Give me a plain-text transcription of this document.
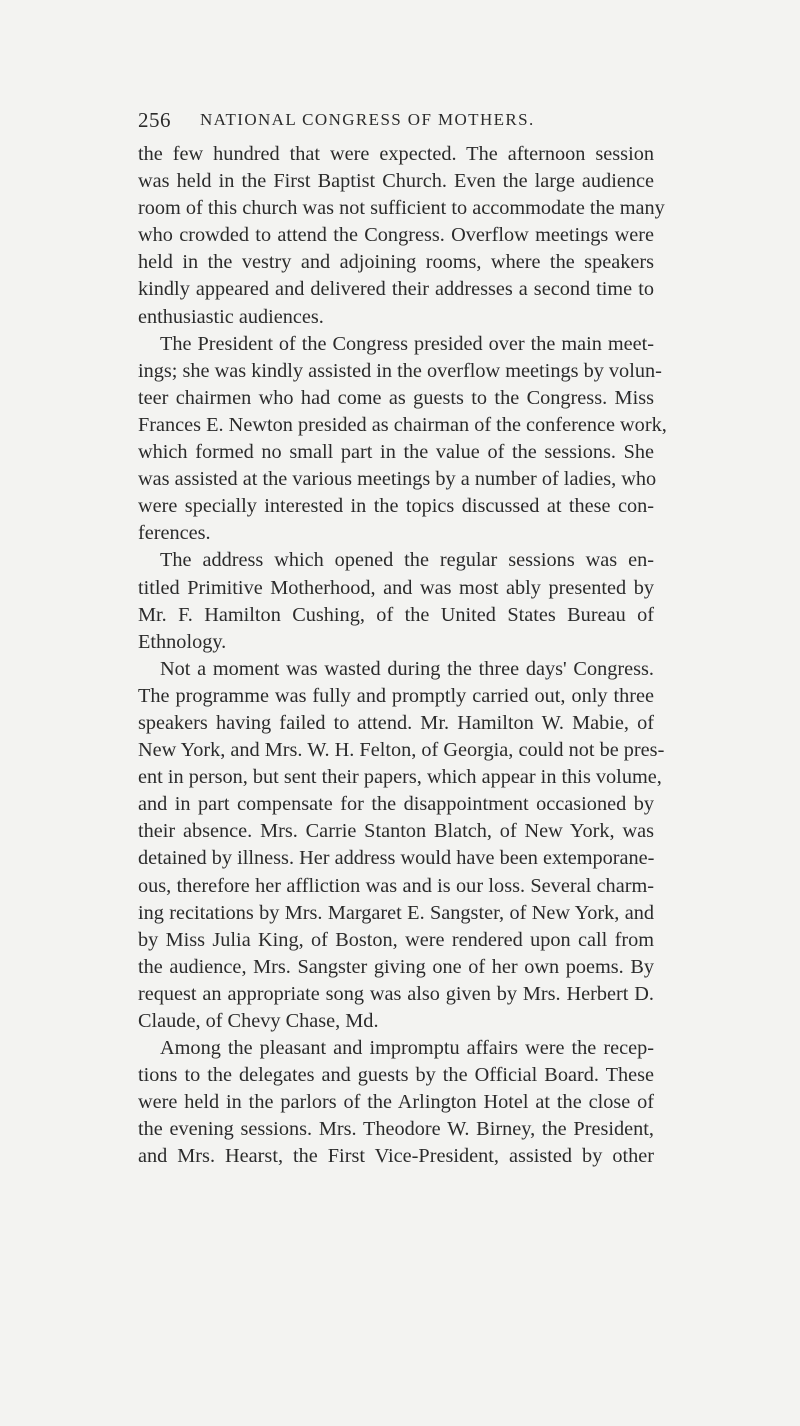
256 NATIONAL CONGRESS OF MOTHERS.
the few hundred that were expected. The afternoon session
was held in the First Baptist Church. Even the large audience
room of this church was not sufficient to accommodate the many
who crowded to attend the Congress. Overflow meetings were
held in the vestry and adjoining rooms, where the speakers
kindly appeared and delivered their addresses a second time to
enthusiastic audiences.
The President of the Congress presided over the main meet-
ings; she was kindly assisted in the overflow meetings by volun-
teer chairmen who had come as guests to the Congress. Miss
Frances E. Newton presided as chairman of the conference work,
which formed no small part in the value of the sessions. She
was assisted at the various meetings by a number of ladies, who
were specially interested in the topics discussed at these con-
ferences.
The address which opened the regular sessions was en-
titled Primitive Motherhood, and was most ably presented by
Mr. F. Hamilton Cushing, of the United States Bureau of
Ethnology.
Not a moment was wasted during the three days' Congress.
The programme was fully and promptly carried out, only three
speakers having failed to attend. Mr. Hamilton W. Mabie, of
New York, and Mrs. W. H. Felton, of Georgia, could not be pres-
ent in person, but sent their papers, which appear in this volume,
and in part compensate for the disappointment occasioned by
their absence. Mrs. Carrie Stanton Blatch, of New York, was
detained by illness. Her address would have been extemporane-
ous, therefore her affliction was and is our loss. Several charm-
ing recitations by Mrs. Margaret E. Sangster, of New York, and
by Miss Julia King, of Boston, were rendered upon call from
the audience, Mrs. Sangster giving one of her own poems. By
request an appropriate song was also given by Mrs. Herbert D.
Claude, of Chevy Chase, Md.
Among the pleasant and impromptu affairs were the recep-
tions to the delegates and guests by the Official Board. These
were held in the parlors of the Arlington Hotel at the close of
the evening sessions. Mrs. Theodore W. Birney, the President,
and Mrs. Hearst, the First Vice-President, assisted by other
